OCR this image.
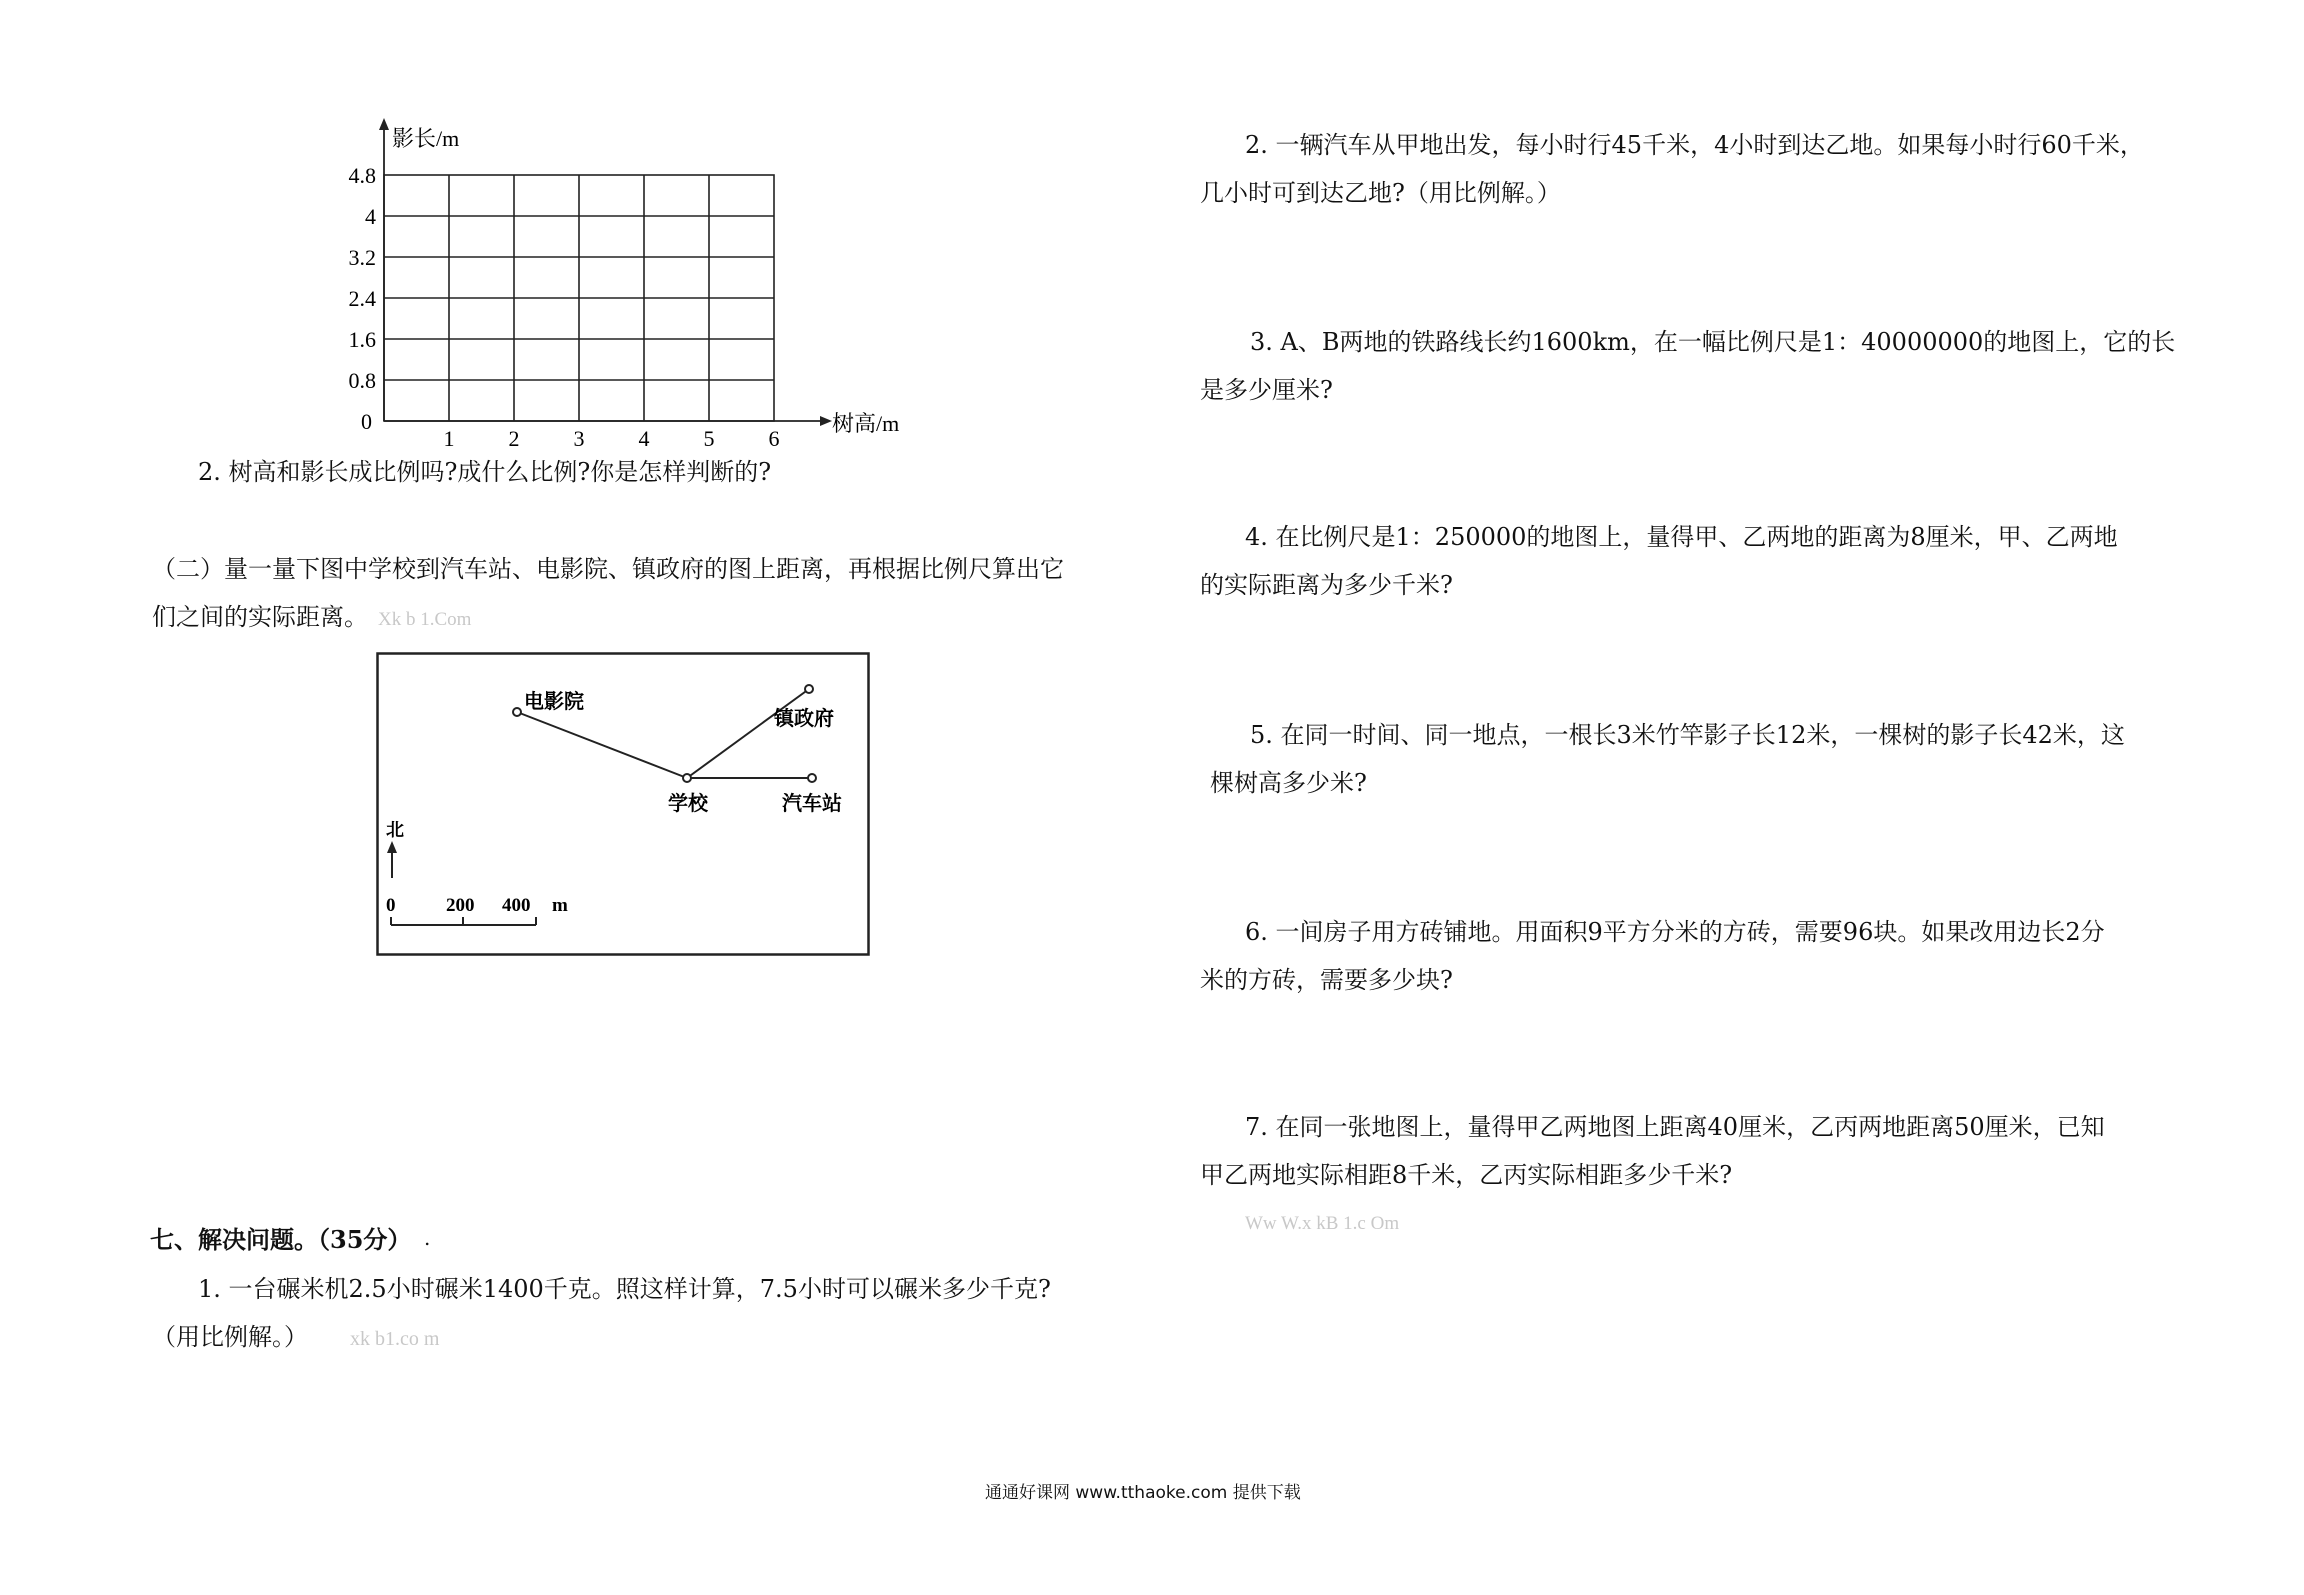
影长/m
树高/m
0
4.8
4
3.2
2.4
1.6
0.8
1 2 3 4 5 6
2. 树高和影长成比例吗?成什么比例?你是怎样判断的?
（二）量一量下图中学校到汽车站、电影院、镇政府的图上距离，再根据比例尺算出它
们之间的实际距离。 Xk b 1.Com
电影院
镇政府
学校	汽车站
北
0	200 400 m
七、解决问题。（35分） .
1. 一台碾米机2.5小时碾米1400千克。照这样计算，7.5小时可以碾米多少千克?
（用比例解。） xk b1.co m
2. 一辆汽车从甲地出发，每小时行45千米，4小时到达乙地。如果每小时行60千米，
几小时可到达乙地?（用比例解。）
3. A、B两地的铁路线长约1600km，在一幅比例尺是1：40000000的地图上，它的长
是多少厘米?
4. 在比例尺是1：250000的地图上，量得甲、乙两地的距离为8厘米，甲、乙两地
的实际距离为多少千米?
5. 在同一时间、同一地点，一根长3米竹竿影子长12米，一棵树的影子长42米，这
棵树高多少米?
6. 一间房子用方砖铺地。用面积9平方分米的方砖，需要96块。如果改用边长2分
米的方砖，需要多少块?
7. 在同一张地图上，量得甲乙两地图上距离40厘米，乙丙两地距离50厘米，已知
甲乙两地实际相距8千米，乙丙实际相距多少千米?
Ww W.x kB 1.c Om
通通好课网 www.tthaoke.com 提供下载
